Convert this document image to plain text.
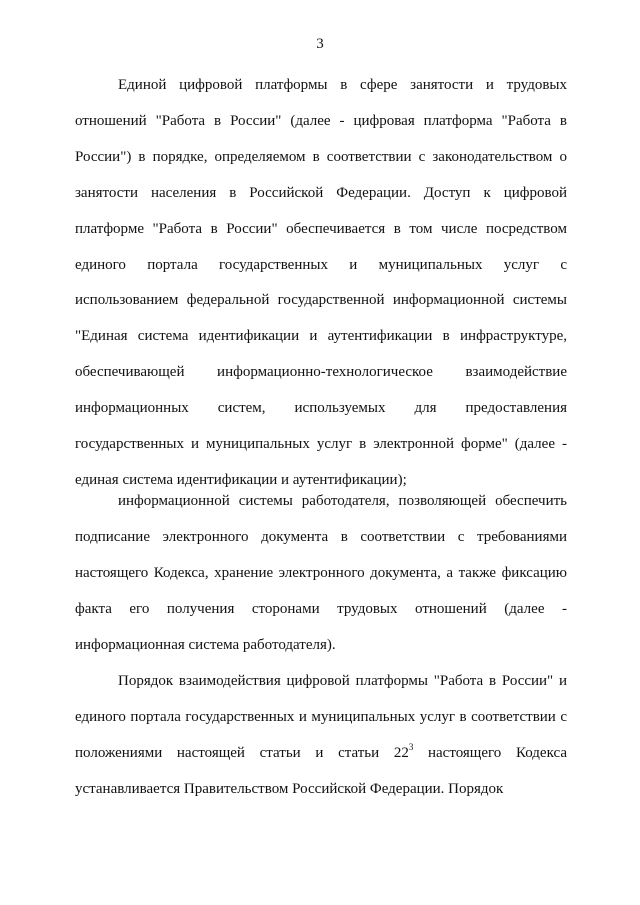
3

Единой цифровой платформы в сфере занятости и трудовых отношений "Работа в России" (далее - цифровая платформа "Работа в России") в порядке, определяемом в соответствии с законодательством о занятости населения в Российской Федерации. Доступ к цифровой платформе "Работа в России" обеспечивается в том числе посредством единого портала государственных и муниципальных услуг с использованием федеральной государственной информационной системы "Единая система идентификации и аутентификации в инфраструктуре, обеспечивающей информационно-технологическое взаимодействие информационных систем, используемых для предоставления государственных и муниципальных услуг в электронной форме" (далее - единая система идентификации и аутентификации);

информационной системы работодателя, позволяющей обеспечить подписание электронного документа в соответствии с требованиями настоящего Кодекса, хранение электронного документа, а также фиксацию факта его получения сторонами трудовых отношений (далее - информационная система работодателя).

Порядок взаимодействия цифровой платформы "Работа в России" и единого портала государственных и муниципальных услуг в соответствии с положениями настоящей статьи и статьи $22^3$ настоящего Кодекса устанавливается Правительством Российской Федерации. Порядок
